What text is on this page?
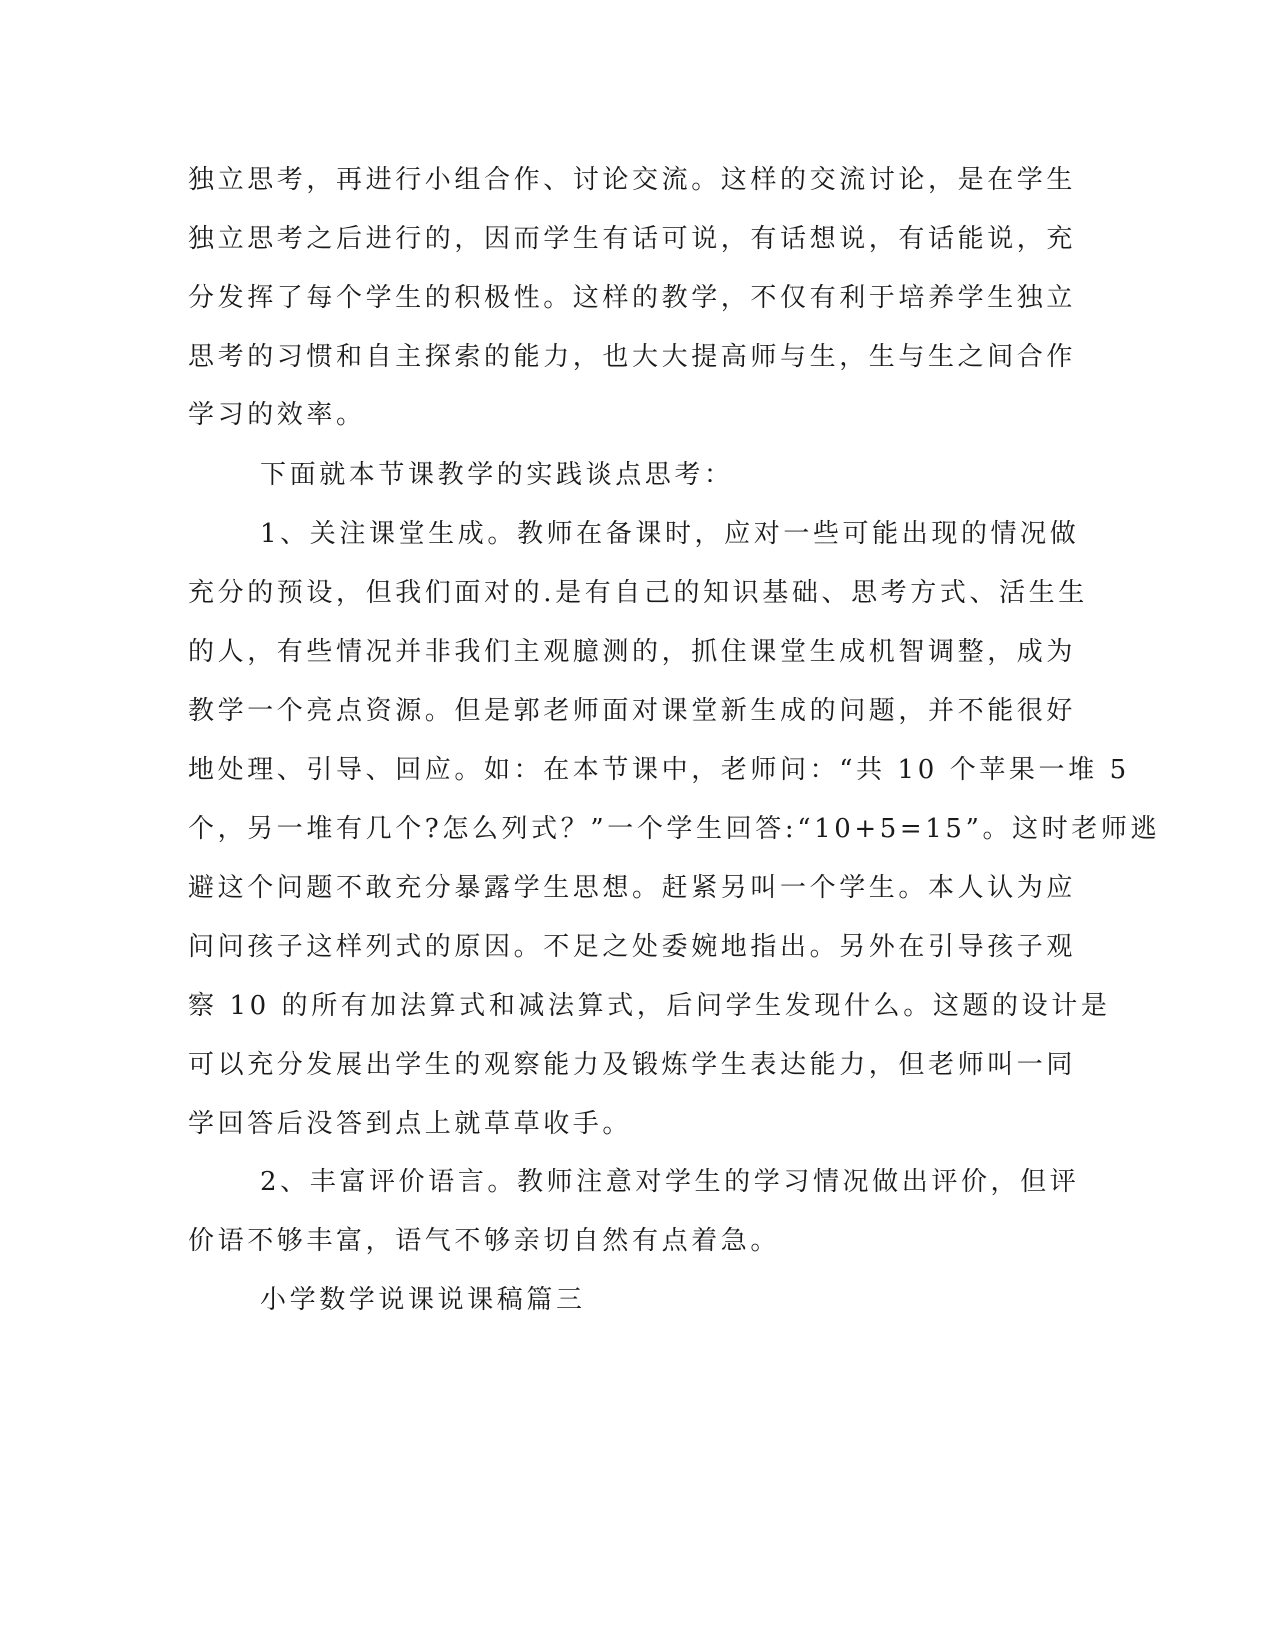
独立思考，再进行小组合作、讨论交流。这样的交流讨论，是在学生
独立思考之后进行的，因而学生有话可说，有话想说，有话能说，充
分发挥了每个学生的积极性。这样的教学，不仅有利于培养学生独立
思考的习惯和自主探索的能力，也大大提高师与生，生与生之间合作
学习的效率。
下面就本节课教学的实践谈点思考：
1、关注课堂生成。教师在备课时，应对一些可能出现的情况做
充分的预设，但我们面对的.是有自己的知识基础、思考方式、活生生
的人，有些情况并非我们主观臆测的，抓住课堂生成机智调整，成为
教学一个亮点资源。但是郭老师面对课堂新生成的问题，并不能很好
地处理、引导、回应。如：在本节课中，老师问：“共 10 个苹果一堆 5
个，另一堆有几个?怎么列式？”一个学生回答:“10+5=15”。这时老师逃
避这个问题不敢充分暴露学生思想。赶紧另叫一个学生。本人认为应
问问孩子这样列式的原因。不足之处委婉地指出。另外在引导孩子观
察 10 的所有加法算式和减法算式，后问学生发现什么。这题的设计是
可以充分发展出学生的观察能力及锻炼学生表达能力，但老师叫一同
学回答后没答到点上就草草收手。
2、丰富评价语言。教师注意对学生的学习情况做出评价，但评
价语不够丰富，语气不够亲切自然有点着急。
小学数学说课说课稿篇三
